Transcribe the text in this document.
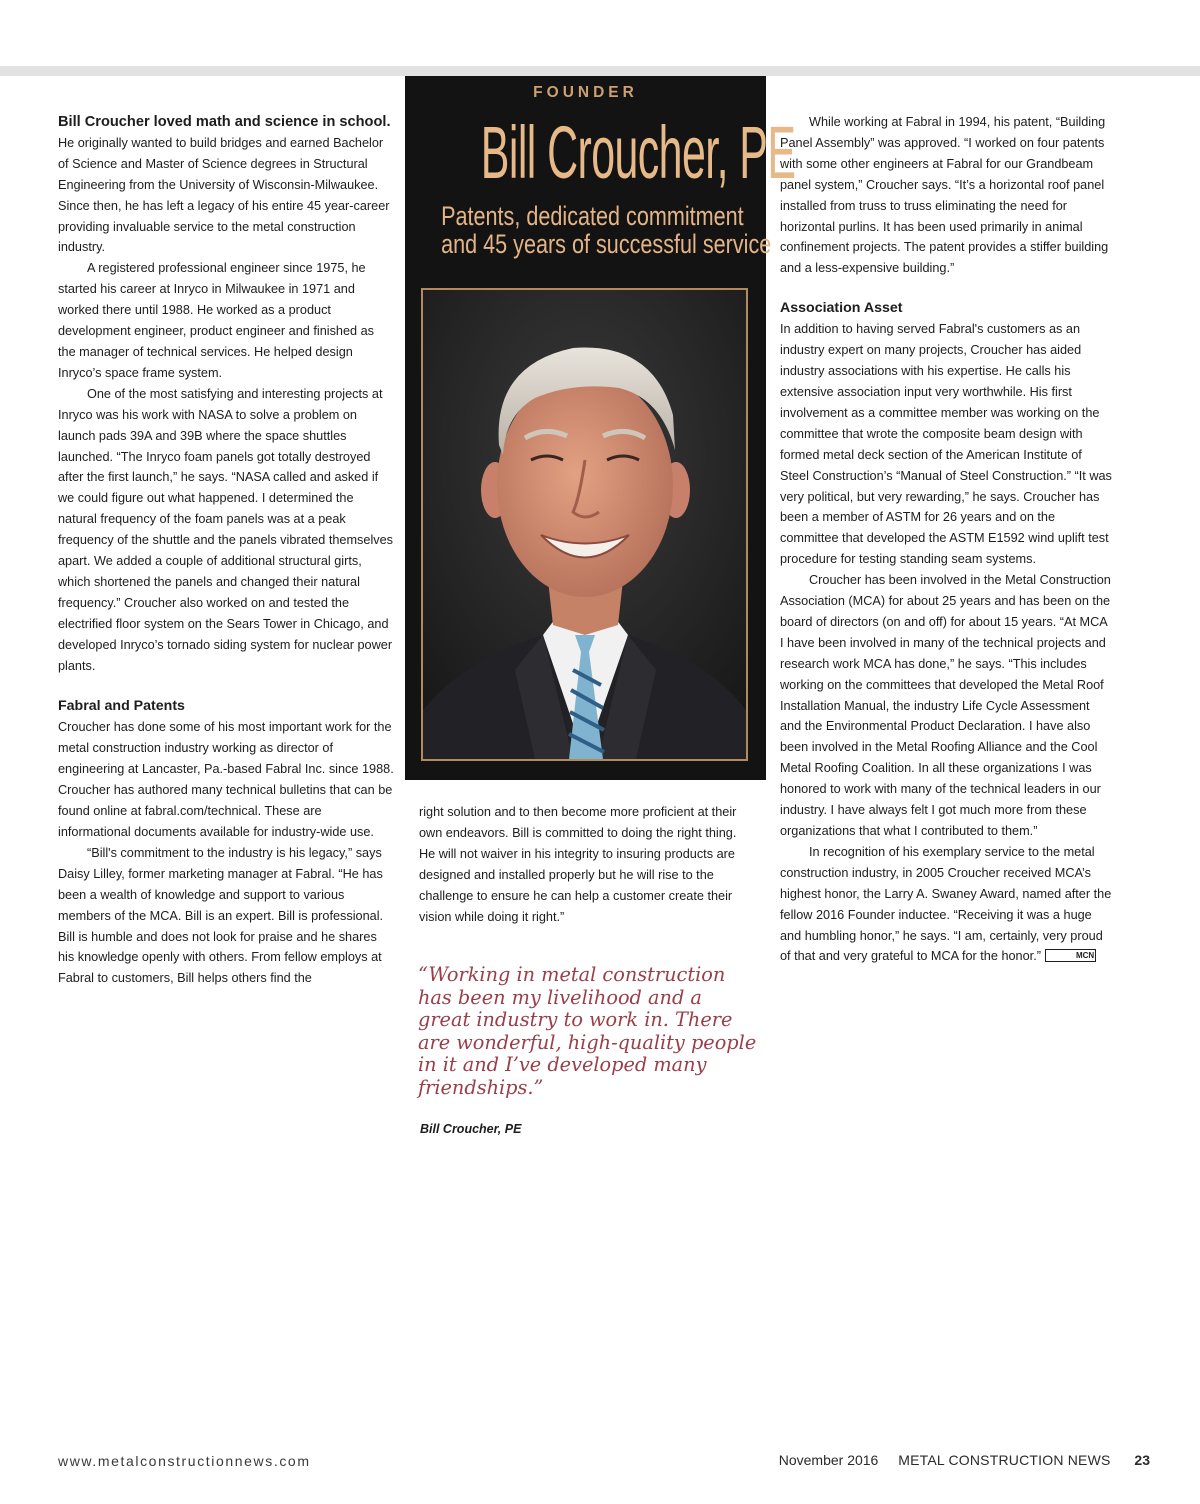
Bill Croucher loved math and science in school. He originally wanted to build bridges and earned Bachelor of Science and Master of Science degrees in Structural Engineering from the University of Wisconsin-Milwaukee. Since then, he has left a legacy of his entire 45 year-career providing invaluable service to the metal construction industry.

A registered professional engineer since 1975, he started his career at Inryco in Milwaukee in 1971 and worked there until 1988. He worked as a product development engineer, product engineer and finished as the manager of technical services. He helped design Inryco’s space frame system.

One of the most satisfying and interesting projects at Inryco was his work with NASA to solve a problem on launch pads 39A and 39B where the space shuttles launched. “The Inryco foam panels got totally destroyed after the first launch,” he says. “NASA called and asked if we could figure out what happened. I determined the natural frequency of the foam panels was at a peak frequency of the shuttle and the panels vibrated themselves apart. We added a couple of additional structural girts, which shortened the panels and changed their natural frequency.” Croucher also worked on and tested the electrified floor system on the Sears Tower in Chicago, and developed Inryco’s tornado siding system for nuclear power plants.

Fabral and Patents

Croucher has done some of his most important work for the metal construction industry working as director of engineering at Lancaster, Pa.-based Fabral Inc. since 1988. Croucher has authored many technical bulletins that can be found online at fabral.com/technical. These are informational documents available for industry-wide use.

“Bill's commitment to the industry is his legacy,” says Daisy Lilley, former marketing manager at Fabral. “He has been a wealth of knowledge and support to various members of the MCA. Bill is an expert. Bill is professional. Bill is humble and does not look for praise and he shares his knowledge openly with others. From fellow employs at Fabral to customers, Bill helps others find the

FOUNDER
Bill Croucher, PE
Patents, dedicated commitment
and 45 years of successful service

right solution and to then become more proficient at their own endeavors. Bill is committed to doing the right thing. He will not waiver in his integrity to insuring products are designed and installed properly but he will rise to the challenge to ensure he can help a customer create their vision while doing it right.”

“Working in metal construction has been my livelihood and a great industry to work in. There are wonderful, high-quality people in it and I’ve developed many friendships.”

Bill Croucher, PE

While working at Fabral in 1994, his patent, “Building Panel Assembly” was approved. “I worked on four patents with some other engineers at Fabral for our Grandbeam panel system,” Croucher says. “It’s a horizontal roof panel installed from truss to truss eliminating the need for horizontal purlins. It has been used primarily in animal confinement projects. The patent provides a stiffer building and a less-expensive building.”

Association Asset

In addition to having served Fabral's customers as an industry expert on many projects, Croucher has aided industry associations with his expertise. He calls his extensive association input very worthwhile. His first involvement as a committee member was working on the committee that wrote the composite beam design with formed metal deck section of the American Institute of Steel Construction’s “Manual of Steel Construction.” “It was very political, but very rewarding,” he says. Croucher has been a member of ASTM for 26 years and on the committee that developed the ASTM E1592 wind uplift test procedure for testing standing seam systems.

Croucher has been involved in the Metal Construction Association (MCA) for about 25 years and has been on the board of directors (on and off) for about 15 years. “At MCA I have been involved in many of the technical projects and research work MCA has done,” he says. “This includes working on the committees that developed the Metal Roof Installation Manual, the industry Life Cycle Assessment and the Environmental Product Declaration. I have also been involved in the Metal Roofing Alliance and the Cool Metal Roofing Coalition. In all these organizations I was honored to work with many of the technical leaders in our industry. I have always felt I got much more from these organizations that what I contributed to them.”

In recognition of his exemplary service to the metal construction industry, in 2005 Croucher received MCA’s highest honor, the Larry A. Swaney Award, named after the fellow 2016 Founder inductee. “Receiving it was a huge and humbling honor,” he says. “I am, certainly, very proud of that and very grateful to MCA for the honor.”	MCN

www.metalconstructionnews.com	November 2016 METAL CONSTRUCTION NEWS 23
